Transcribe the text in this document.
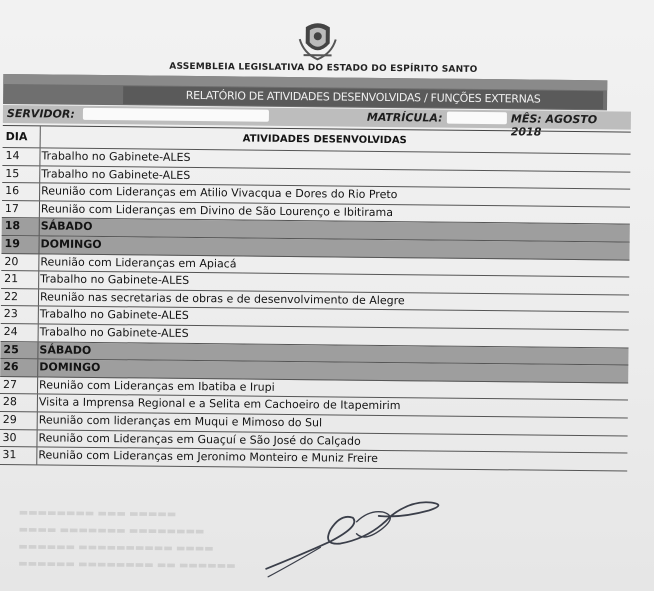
ASSEMBLEIA LEGISLATIVA DO ESTADO DO ESPÍRITO SANTO
RELATÓRIO DE ATIVIDADES DESENVOLVIDAS / FUNÇÕES EXTERNAS
SERVIDOR:	MATRÍCULA:	MÊS: AGOSTO 2018
DIA	ATIVIDADES DESENVOLVIDAS
14	Trabalho no Gabinete-ALES
15	Trabalho no Gabinete-ALES
16	Reunião com Lideranças em Atilio Vivacqua e Dores do Rio Preto
17	Reunião com Lideranças em Divino de São Lourenço e Ibitirama
18	SÁBADO
19	DOMINGO
20	Reunião com Lideranças em Apiacá
21	Trabalho no Gabinete-ALES
22	Reunião nas secretarias de obras e de desenvolvimento de Alegre
23	Trabalho no Gabinete-ALES
24	Trabalho no Gabinete-ALES
25	SÁBADO
26	DOMINGO
27	Reunião com Lideranças em Ibatiba e Irupi
28	Visita a Imprensa Regional e a Selita em Cachoeiro de Itapemirim
29	Reunião com lideranças em Muqui e Mimoso do Sul
30	Reunião com Lideranças em Guaçuí e São José do Calçado
31	Reunião com Lideranças em Jeronimo Monteiro e Muniz Freire
▬▬▬▬▬▬ ▬▬▬▬▬▬▬▬ ▬▬ ▬▬▬▬▬▬
▬▬▬▬▬▬ ▬▬▬▬▬▬▬▬▬▬ ▬▬▬▬
▬▬▬▬ ▬▬▬▬▬▬▬ ▬▬▬▬▬▬▬▬
▬▬▬▬▬▬▬▬ ▬▬▬ ▬▬▬▬▬
